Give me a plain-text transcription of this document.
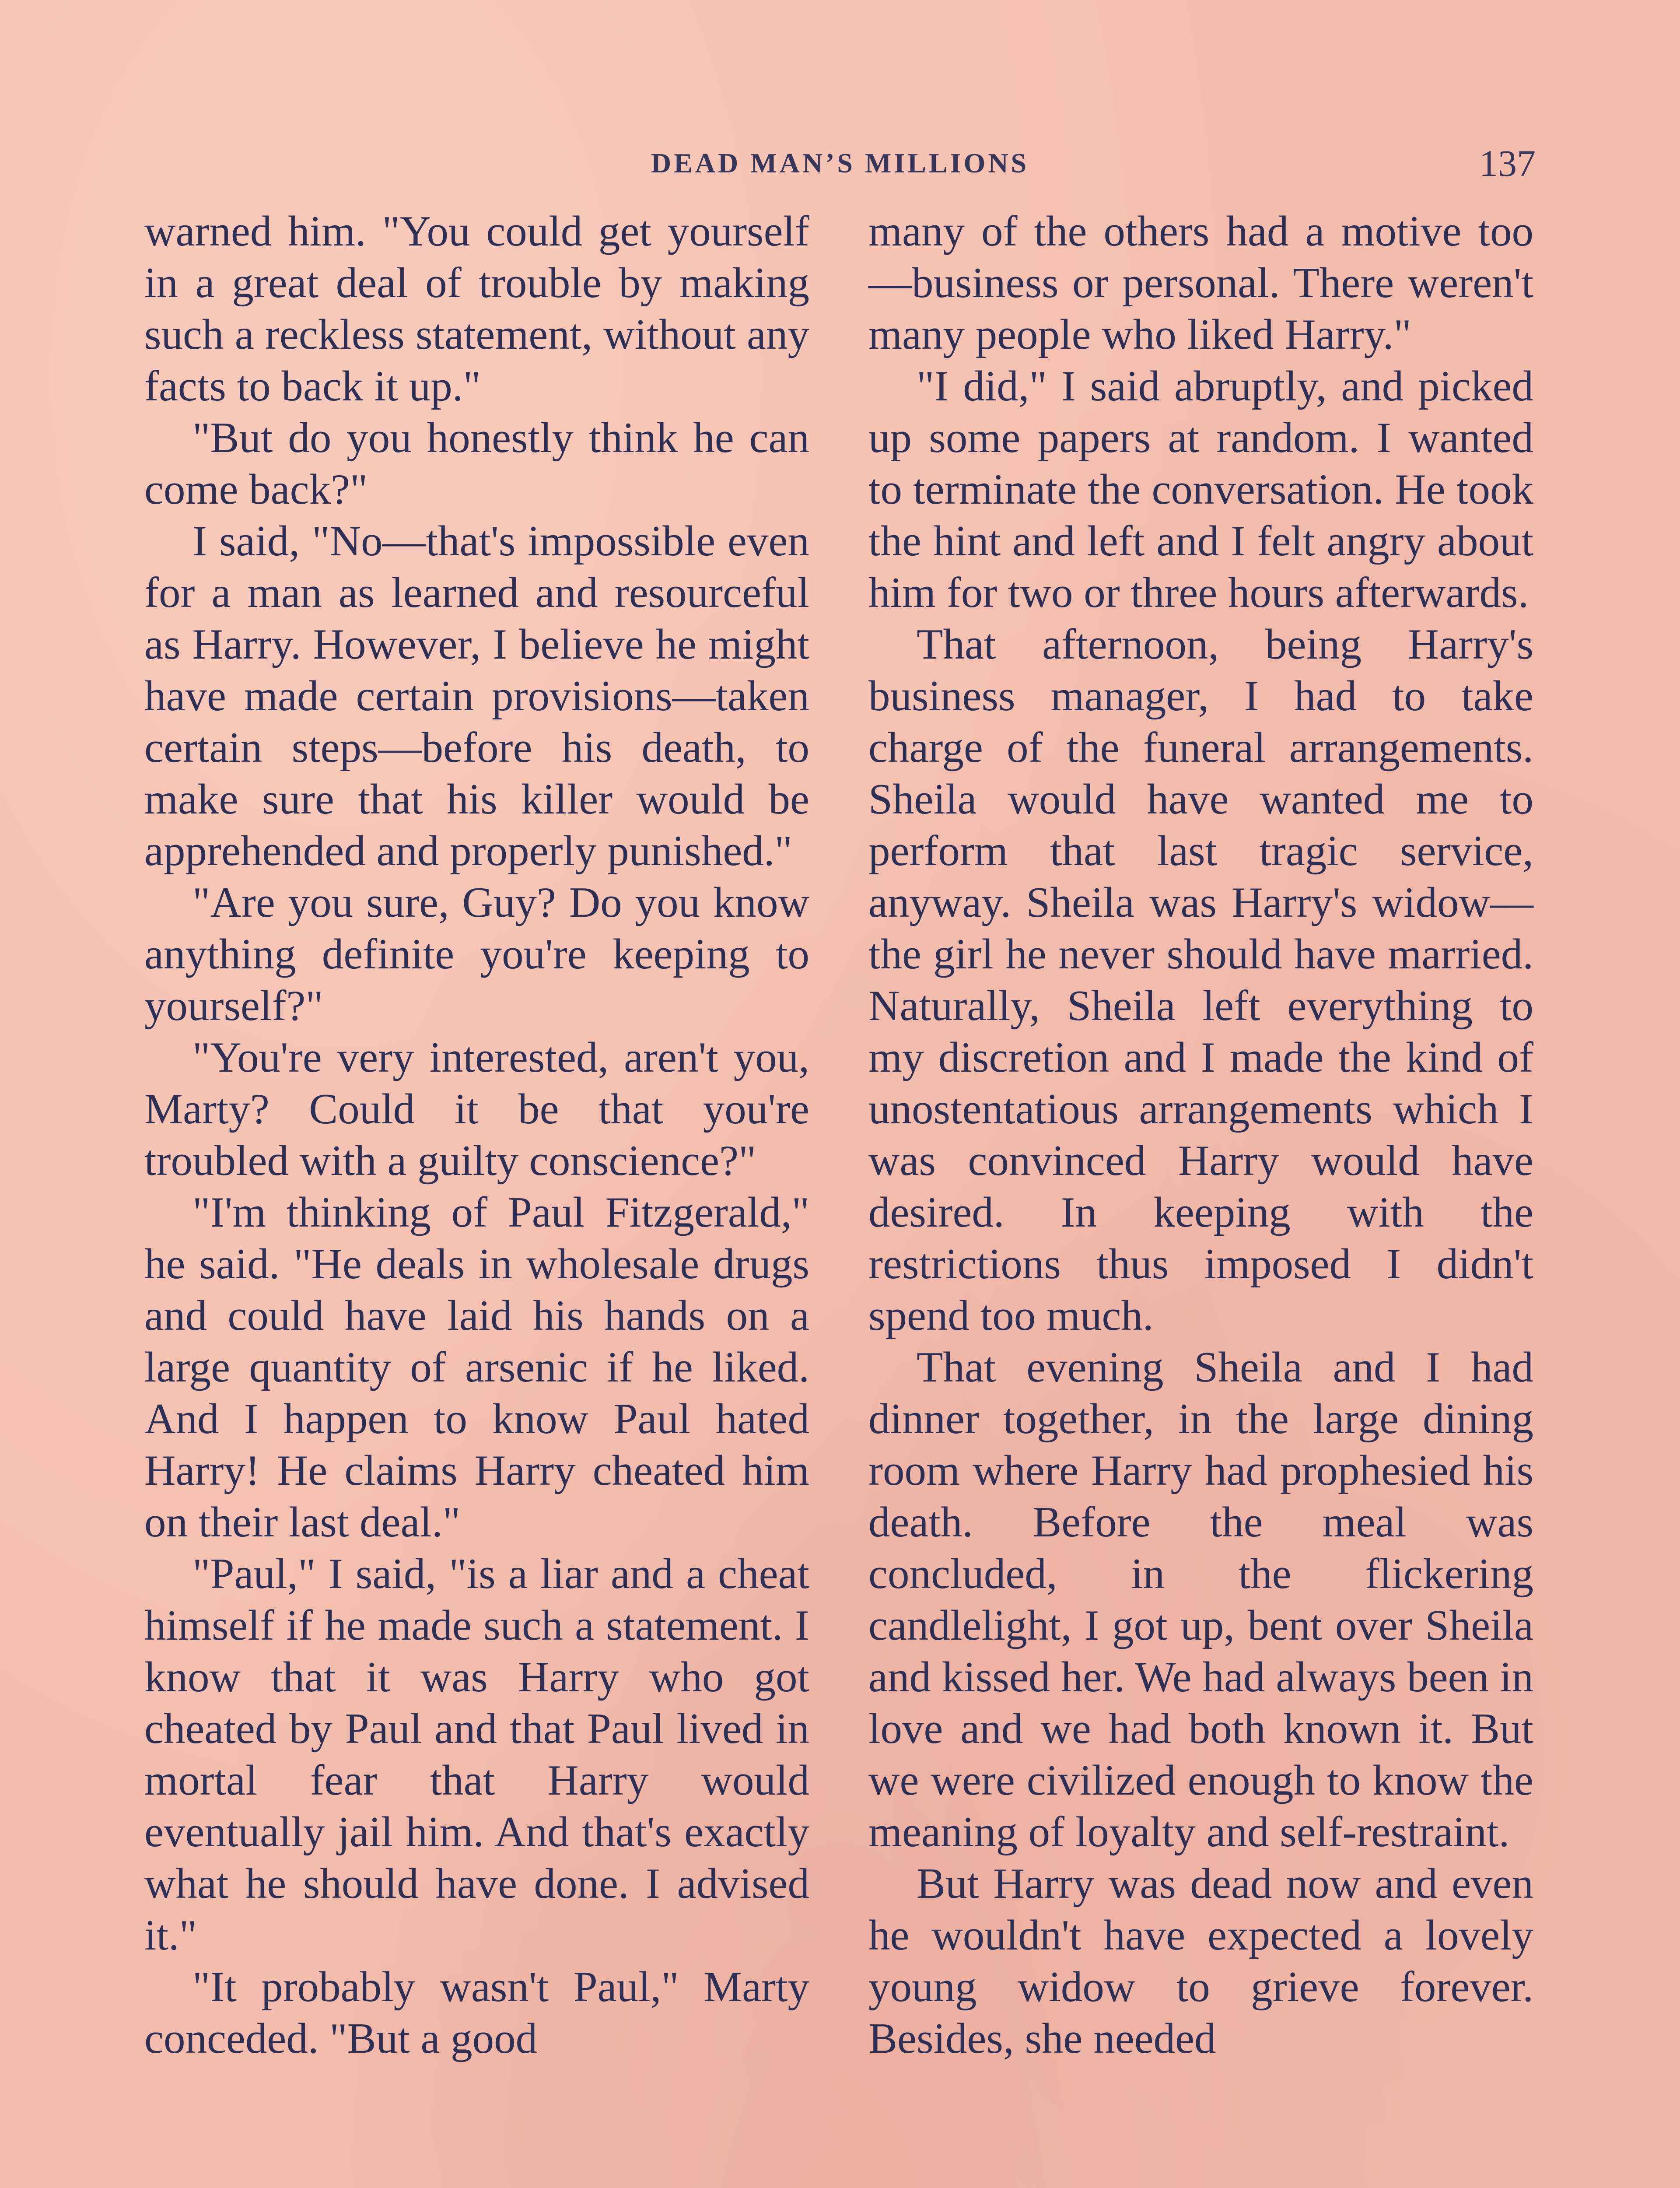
DEAD MAN’S MILLIONS	137

warned him. "You could get yourself in a great deal of trouble by making such a reckless statement, without any facts to back it up."

"But do you honestly think he can come back?"

I said, "No—that's impossible even for a man as learned and resourceful as Harry. However, I believe he might have made certain provisions—taken certain steps—before his death, to make sure that his killer would be apprehended and properly punished."

"Are you sure, Guy? Do you know anything definite you're keeping to yourself?"

"You're very interested, aren't you, Marty? Could it be that you're troubled with a guilty conscience?"

"I'm thinking of Paul Fitzgerald," he said. "He deals in wholesale drugs and could have laid his hands on a large quantity of arsenic if he liked. And I happen to know Paul hated Harry! He claims Harry cheated him on their last deal."

"Paul," I said, "is a liar and a cheat himself if he made such a statement. I know that it was Harry who got cheated by Paul and that Paul lived in mortal fear that Harry would eventually jail him. And that's exactly what he should have done. I advised it."

"It probably wasn't Paul," Marty conceded. "But a good

many of the others had a motive too—business or personal. There weren't many people who liked Harry."

"I did," I said abruptly, and picked up some papers at random. I wanted to terminate the conversation. He took the hint and left and I felt angry about him for two or three hours afterwards.

That afternoon, being Harry's business manager, I had to take charge of the funeral arrangements. Sheila would have wanted me to perform that last tragic service, anyway. Sheila was Harry's widow—the girl he never should have married. Naturally, Sheila left everything to my discretion and I made the kind of unostentatious arrangements which I was convinced Harry would have desired. In keeping with the restrictions thus imposed I didn't spend too much.

That evening Sheila and I had dinner together, in the large dining room where Harry had prophesied his death. Before the meal was concluded, in the flickering candlelight, I got up, bent over Sheila and kissed her. We had always been in love and we had both known it. But we were civilized enough to know the meaning of loyalty and self-restraint.

But Harry was dead now and even he wouldn't have expected a lovely young widow to grieve forever. Besides, she needed
